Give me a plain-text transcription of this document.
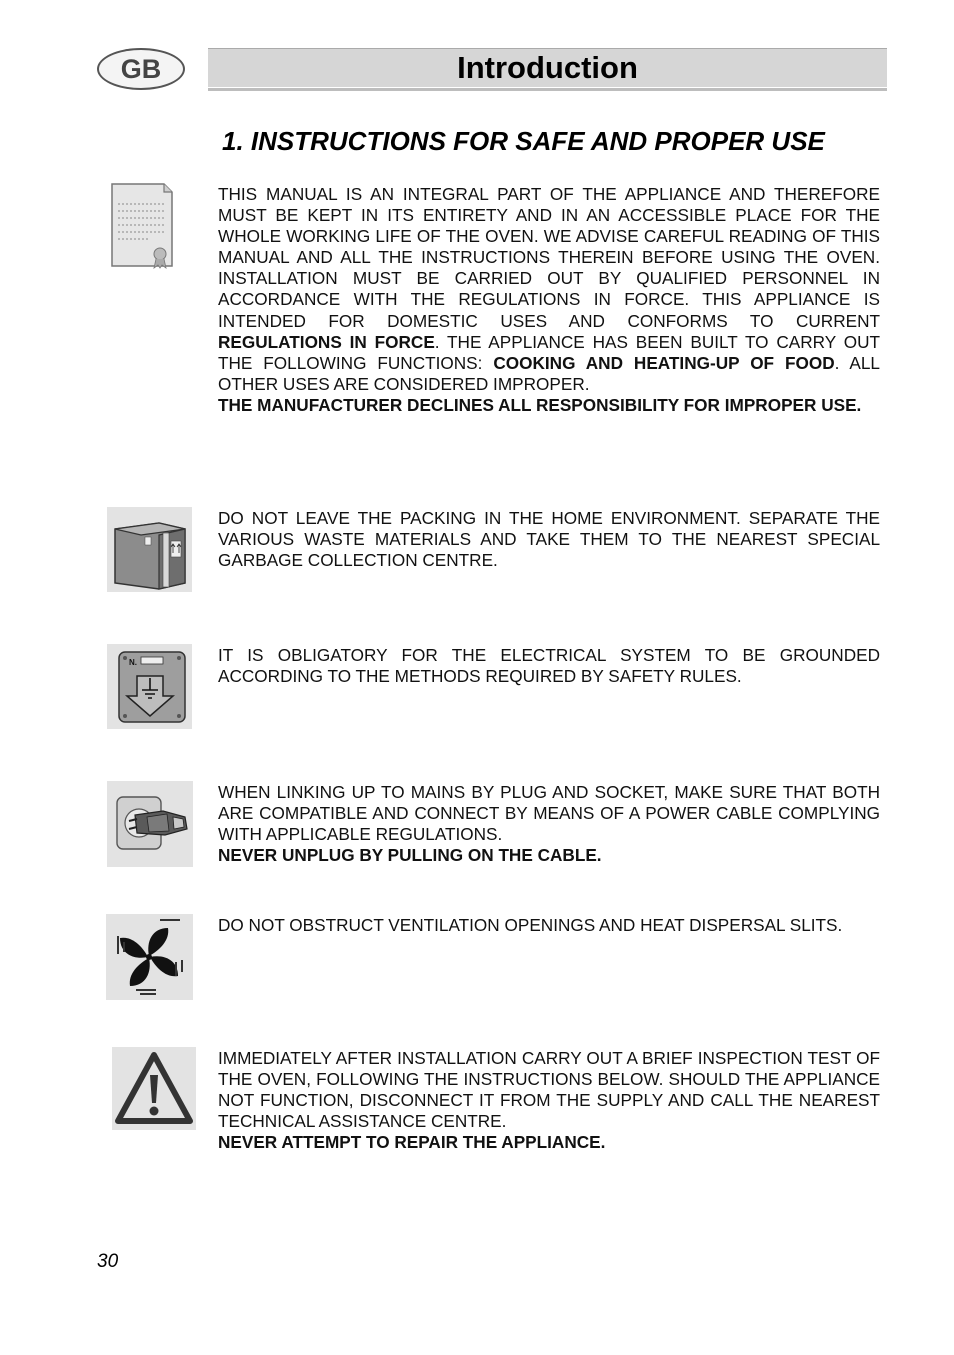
GB	Introduction
1. INSTRUCTIONS FOR SAFE AND PROPER USE

THIS MANUAL IS AN INTEGRAL PART OF THE APPLIANCE AND THEREFORE MUST BE KEPT IN ITS ENTIRETY AND IN AN ACCESSIBLE PLACE FOR THE WHOLE WORKING LIFE OF THE OVEN. WE ADVISE CAREFUL READING OF THIS MANUAL AND ALL THE INSTRUCTIONS THEREIN BEFORE USING THE OVEN. INSTALLATION MUST BE CARRIED OUT BY QUALIFIED PERSONNEL IN ACCORDANCE WITH THE REGULATIONS IN FORCE. THIS APPLIANCE IS INTENDED FOR DOMESTIC USES AND CONFORMS TO CURRENT REGULATIONS IN FORCE. THE APPLIANCE HAS BEEN BUILT TO CARRY OUT THE FOLLOWING FUNCTIONS: COOKING AND HEATING-UP OF FOOD. ALL OTHER USES ARE CONSIDERED IMPROPER.

THE MANUFACTURER DECLINES ALL RESPONSIBILITY FOR IMPROPER USE.

DO NOT LEAVE THE PACKING IN THE HOME ENVIRONMENT. SEPARATE THE VARIOUS WASTE MATERIALS AND TAKE THEM TO THE NEAREST SPECIAL GARBAGE COLLECTION CENTRE.

N.	IT IS OBLIGATORY FOR THE ELECTRICAL SYSTEM TO BE GROUNDED ACCORDING TO THE METHODS REQUIRED BY SAFETY RULES.

WHEN LINKING UP TO MAINS BY PLUG AND SOCKET, MAKE SURE THAT BOTH ARE COMPATIBLE AND CONNECT BY MEANS OF A POWER CABLE COMPLYING WITH APPLICABLE REGULATIONS.

NEVER UNPLUG BY PULLING ON THE CABLE.

DO NOT OBSTRUCT VENTILATION OPENINGS AND HEAT DISPERSAL SLITS.

IMMEDIATELY AFTER INSTALLATION CARRY OUT A BRIEF INSPECTION TEST OF THE OVEN, FOLLOWING THE INSTRUCTIONS BELOW. SHOULD THE APPLIANCE NOT FUNCTION, DISCONNECT IT FROM THE SUPPLY AND CALL THE NEAREST TECHNICAL ASSISTANCE CENTRE.

NEVER ATTEMPT TO REPAIR THE APPLIANCE.

30
